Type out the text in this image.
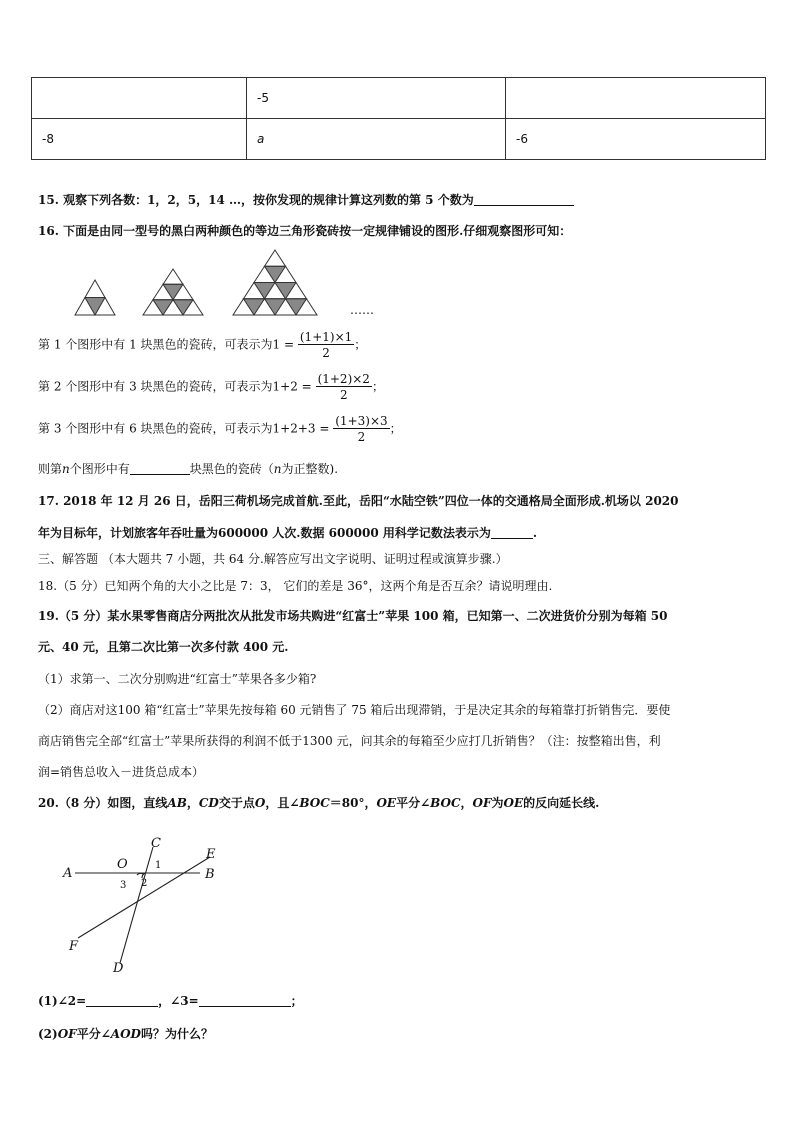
	-5	
-8	a	-6
15. 观察下列各数：1，2，5，14 …，按你发现的规律计算这列数的第 5 个数为
16. 下面是由同一型号的黑白两种颜色的等边三角形瓷砖按一定规律铺设的图形.仔细观察图形可知：
……
第 1 个图形中有 1 块黑色的瓷砖，可表示为$1 = \frac{(1+1)\times 1}{2}$ ；
第 2 个图形中有 3 块黑色的瓷砖，可表示为$1+2 = \frac{(1+2)\times 2}{2}$ ；
第 3 个图形中有 6 块黑色的瓷砖，可表示为$1+2+3 = \frac{(1+3)\times 3}{2}$ ；
则第n个图形中有	块黑色的瓷砖（n为正整数).
17. 2018 年 12 月 26 日，岳阳三荷机场完成首航.至此，岳阳“水陆空铁”四位一体的交通格局全面形成.机场以 2020
年为目标年，计划旅客年吞吐量为600000 人次.数据 600000 用科学记数法表示为	.
三、解答题 （本大题共 7 小题，共 64 分.解答应写出文字说明、证明过程或演算步骤.）
18.（5 分）已知两个角的大小之比是 7：3， 它们的差是 36°，这两个角是否互余？请说明理由.
19.（5 分）某水果零售商店分两批次从批发市场共购进“红富士”苹果 100 箱，已知第一、二次进货价分别为每箱 50
元、40 元，且第二次比第一次多付款 400 元.
（1）求第一、二次分别购进“红富士”苹果各多少箱?
（2）商店对这100 箱“红富士”苹果先按每箱 60 元销售了 75 箱后出现滞销，于是决定其余的每箱靠打折销售完．要使
商店销售完全部“红富士”苹果所获得的利润不低于1300 元，问其余的每箱至少应打几折销售？（注：按整箱出售，利
润=销售总收入－进货总成本）
20.（8 分）如图，直线AB，CD交于点O，且∠BOC＝80°，OE平分∠BOC，OF为OE的反向延长线.
C
E
A
O
B
F
D
1
2
3
(1)∠2=	，∠3=	；
(2)OF平分∠AOD吗？为什么？
